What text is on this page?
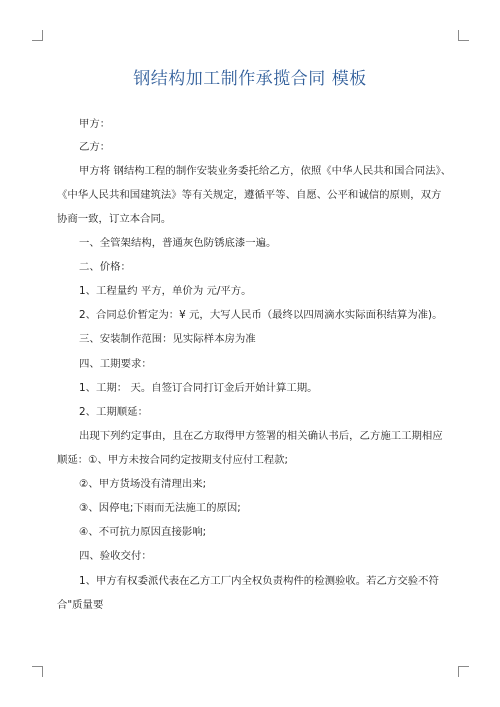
钢结构加工制作承揽合同 模板
甲方：
乙方：
甲方将 钢结构工程的制作安装业务委托给乙方，依照《中华人民共和国合同法》、
《中华人民共和国建筑法》等有关规定，遵循平等、自愿、公平和诚信的原则，双方
协商一致，订立本合同。
一、全管架结构，普通灰色防锈底漆一遍。
二、价格：
1、工程量约 平方，单价为 元/平方。
2、合同总价暂定为：¥ 元，大写人民币（最终以四周滴水实际面积结算为准)。
三、安装制作范围：见实际样本房为准
四、工期要求：
1、工期： 天。自签订合同打订金后开始计算工期。
2、工期顺延：
出现下列约定事由，且在乙方取得甲方签署的相关确认书后，乙方施工工期相应
顺延：①、甲方未按合同约定按期支付应付工程款;
②、甲方货场没有清理出来;
③、因停电;下雨而无法施工的原因;
④、不可抗力原因直接影响;
四、验收交付：
1、甲方有权委派代表在乙方工厂内全权负责构件的检测验收。若乙方交验不符
合"质量要
